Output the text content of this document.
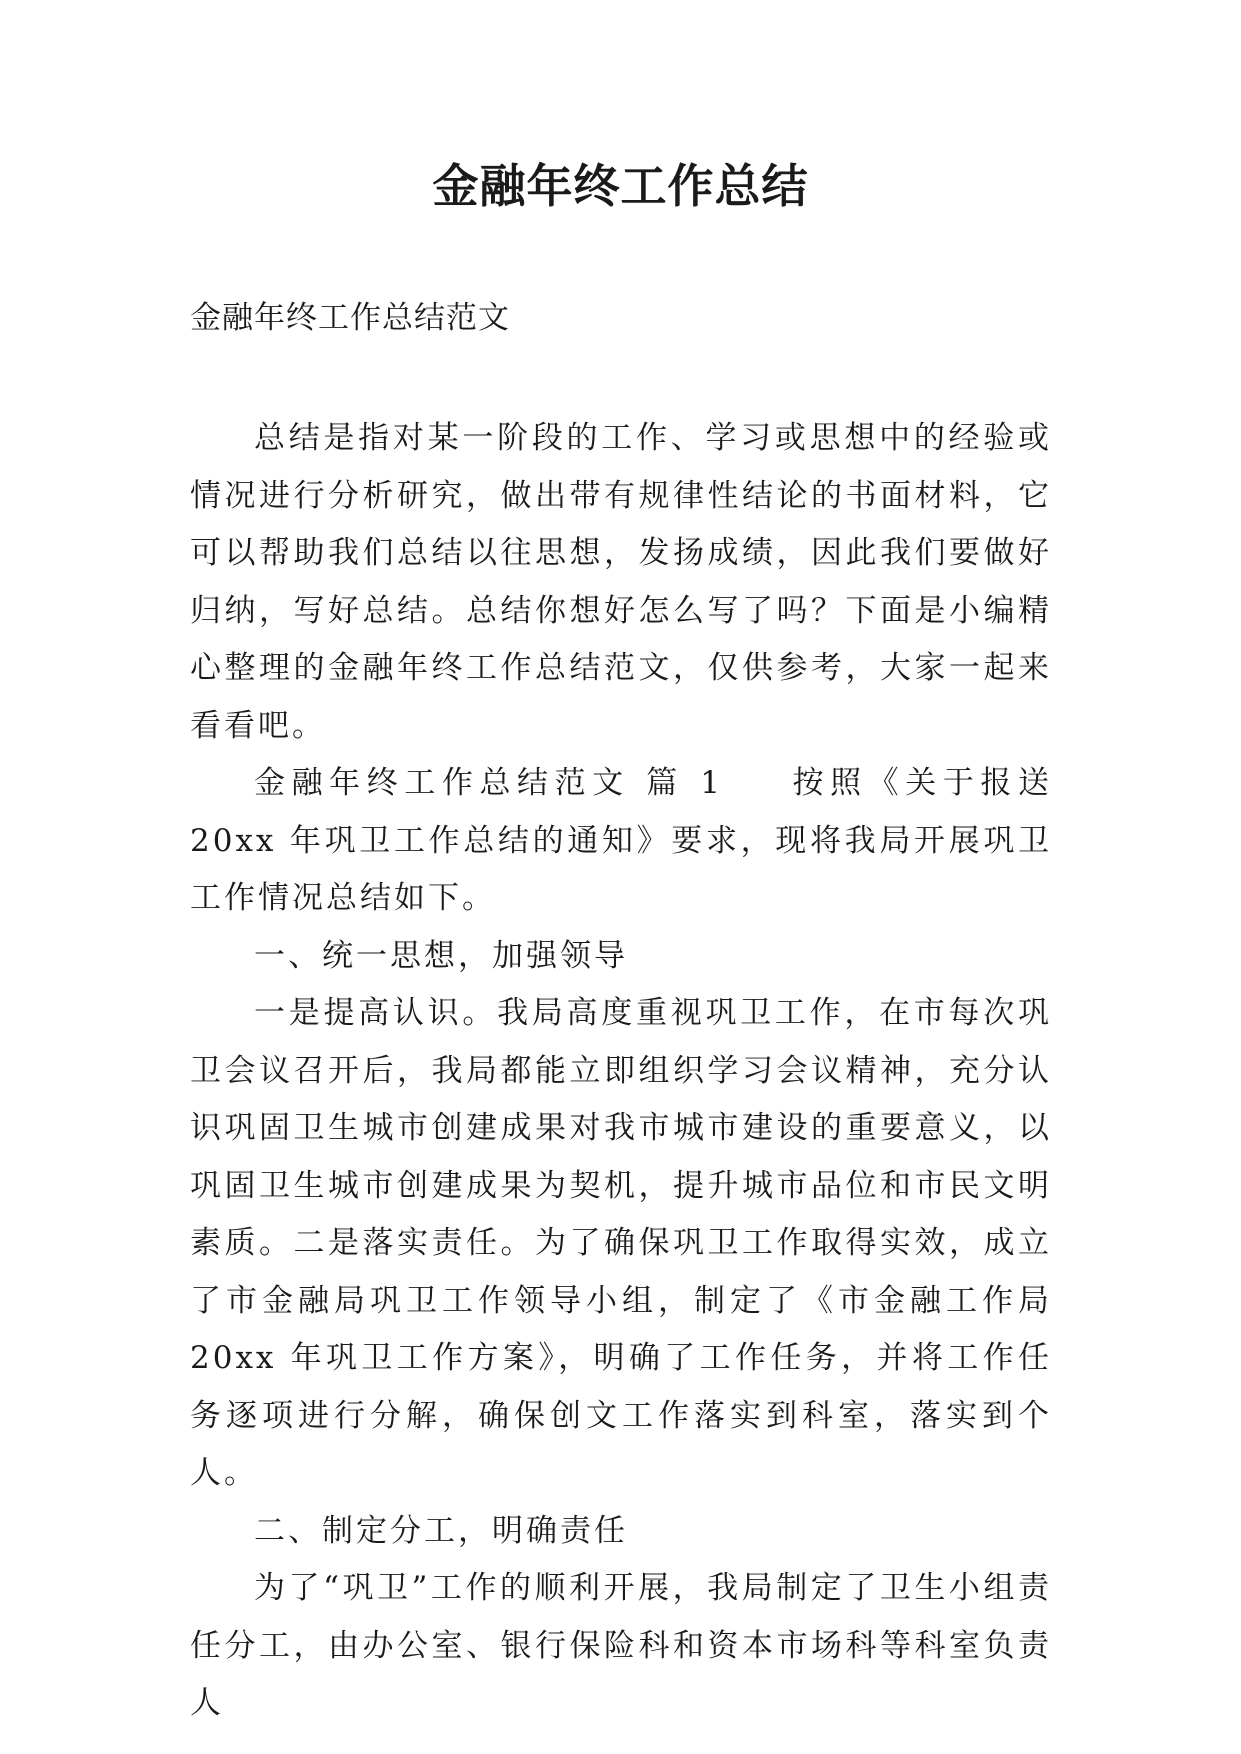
金融年终工作总结

金融年终工作总结范文

总结是指对某一阶段的工作、学习或思想中的经验或情况进行分析研究，做出带有规律性结论的书面材料，它可以帮助我们总结以往思想，发扬成绩，因此我们要做好归纳，写好总结。总结你想好怎么写了吗？下面是小编精心整理的金融年终工作总结范文，仅供参考，大家一起来看看吧。

金融年终工作总结范文 篇 1 按照《关于报送 20xx 年巩卫工作总结的通知》要求，现将我局开展巩卫工作情况总结如下。

一、统一思想，加强领导

一是提高认识。我局高度重视巩卫工作，在市每次巩卫会议召开后，我局都能立即组织学习会议精神，充分认识巩固卫生城市创建成果对我市城市建设的重要意义，以巩固卫生城市创建成果为契机，提升城市品位和市民文明素质。二是落实责任。为了确保巩卫工作取得实效，成立了市金融局巩卫工作领导小组，制定了《市金融工作局 20xx 年巩卫工作方案》，明确了工作任务，并将工作任务逐项进行分解，确保创文工作落实到科室，落实到个人。

二、制定分工，明确责任

为了“巩卫”工作的顺利开展，我局制定了卫生小组责任分工，由办公室、银行保险科和资本市场科等科室负责人
